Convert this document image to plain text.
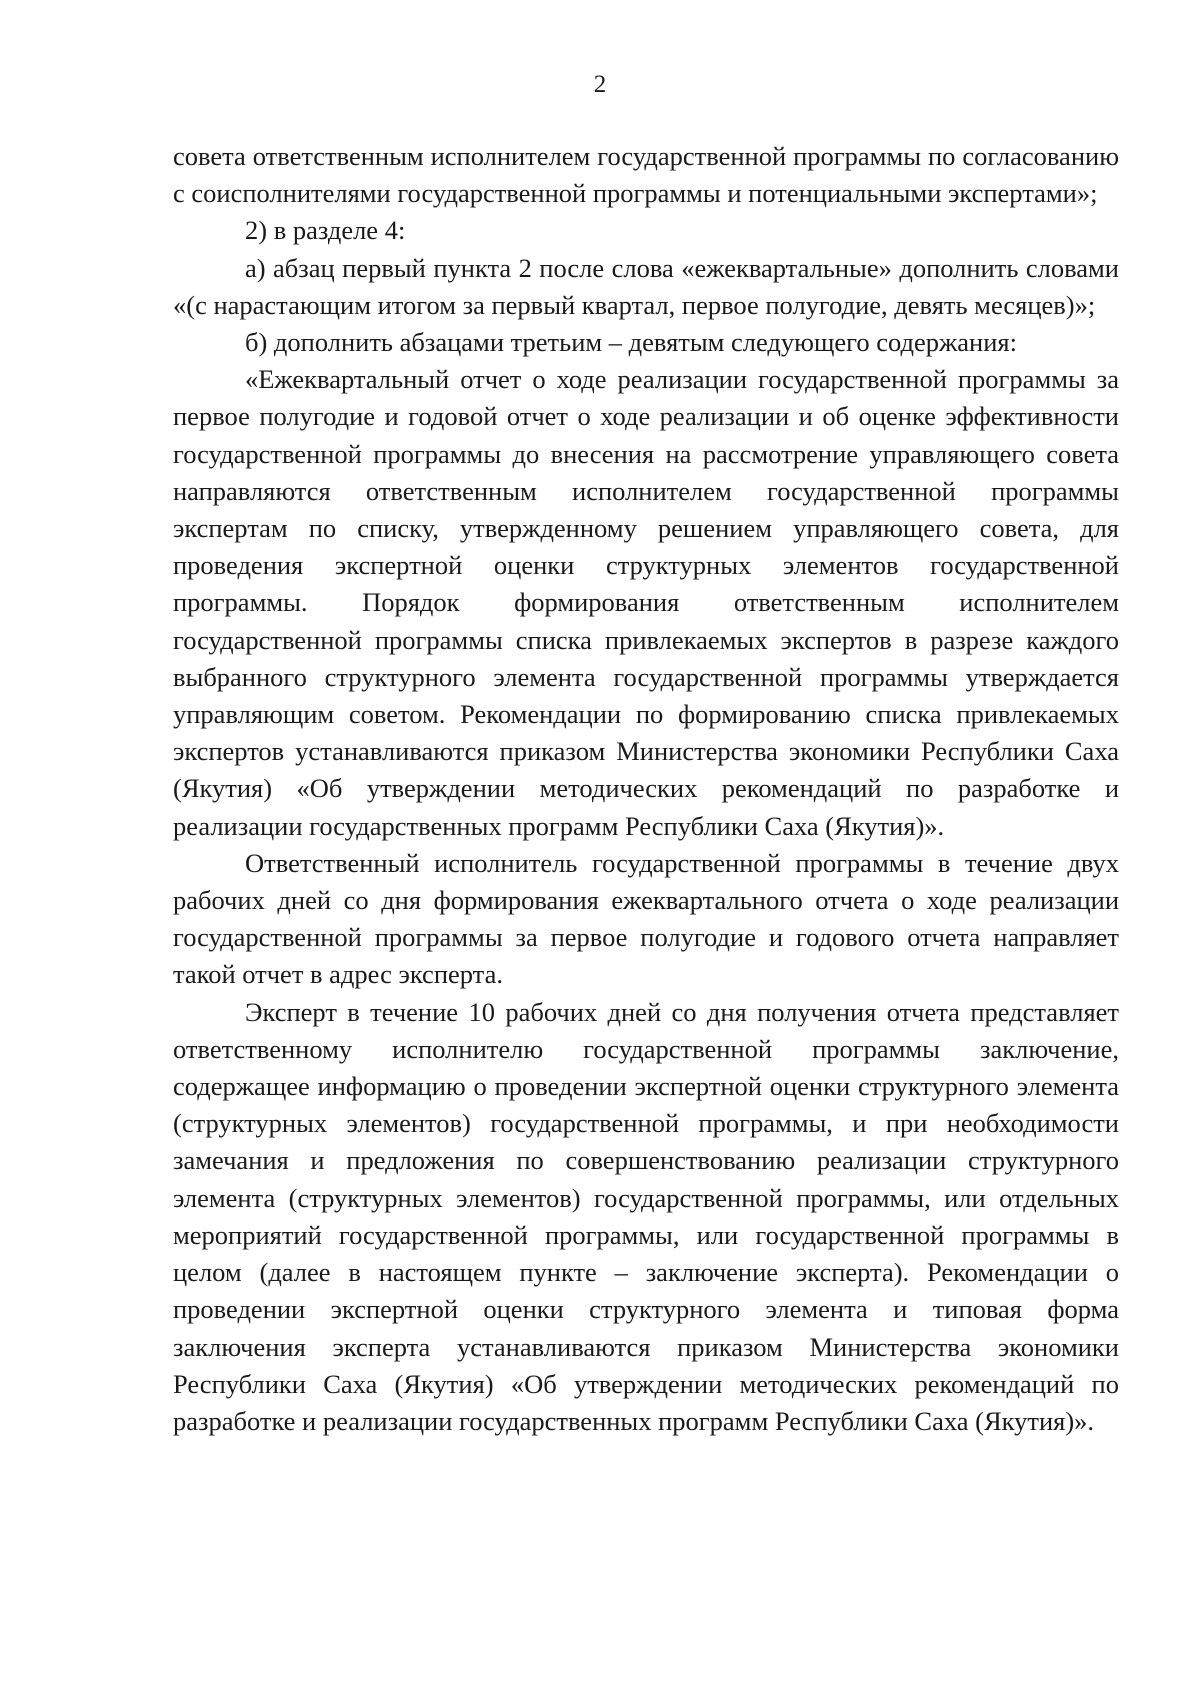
2

совета ответственным исполнителем государственной программы по согласованию с соисполнителями государственной программы и потенциальными экспертами»;

2) в разделе 4:

а) абзац первый пункта 2 после слова «ежеквартальные» дополнить словами «(с нарастающим итогом за первый квартал, первое полугодие, девять месяцев)»;

б) дополнить абзацами третьим – девятым следующего содержания:

«Ежеквартальный отчет о ходе реализации государственной программы за первое полугодие и годовой отчет о ходе реализации и об оценке эффективности государственной программы до внесения на рассмотрение управляющего совета направляются ответственным исполнителем государственной программы экспертам по списку, утвержденному решением управляющего совета, для проведения экспертной оценки структурных элементов государственной программы. Порядок формирования ответственным исполнителем государственной программы списка привлекаемых экспертов в разрезе каждого выбранного структурного элемента государственной программы утверждается управляющим советом. Рекомендации по формированию списка привлекаемых экспертов устанавливаются приказом Министерства экономики Республики Саха (Якутия) «Об утверждении методических рекомендаций по разработке и реализации государственных программ Республики Саха (Якутия)».

Ответственный исполнитель государственной программы в течение двух рабочих дней со дня формирования ежеквартального отчета о ходе реализации государственной программы за первое полугодие и годового отчета направляет такой отчет в адрес эксперта.

Эксперт в течение 10 рабочих дней со дня получения отчета представляет ответственному исполнителю государственной программы заключение, содержащее информацию о проведении экспертной оценки структурного элемента (структурных элементов) государственной программы, и при необходимости замечания и предложения по совершенствованию реализации структурного элемента (структурных элементов) государственной программы, или отдельных мероприятий государственной программы, или государственной программы в целом (далее в настоящем пункте – заключение эксперта). Рекомендации о проведении экспертной оценки структурного элемента и типовая форма заключения эксперта устанавливаются приказом Министерства экономики Республики Саха (Якутия) «Об утверждении методических рекомендаций по разработке и реализации государственных программ Республики Саха (Якутия)».
